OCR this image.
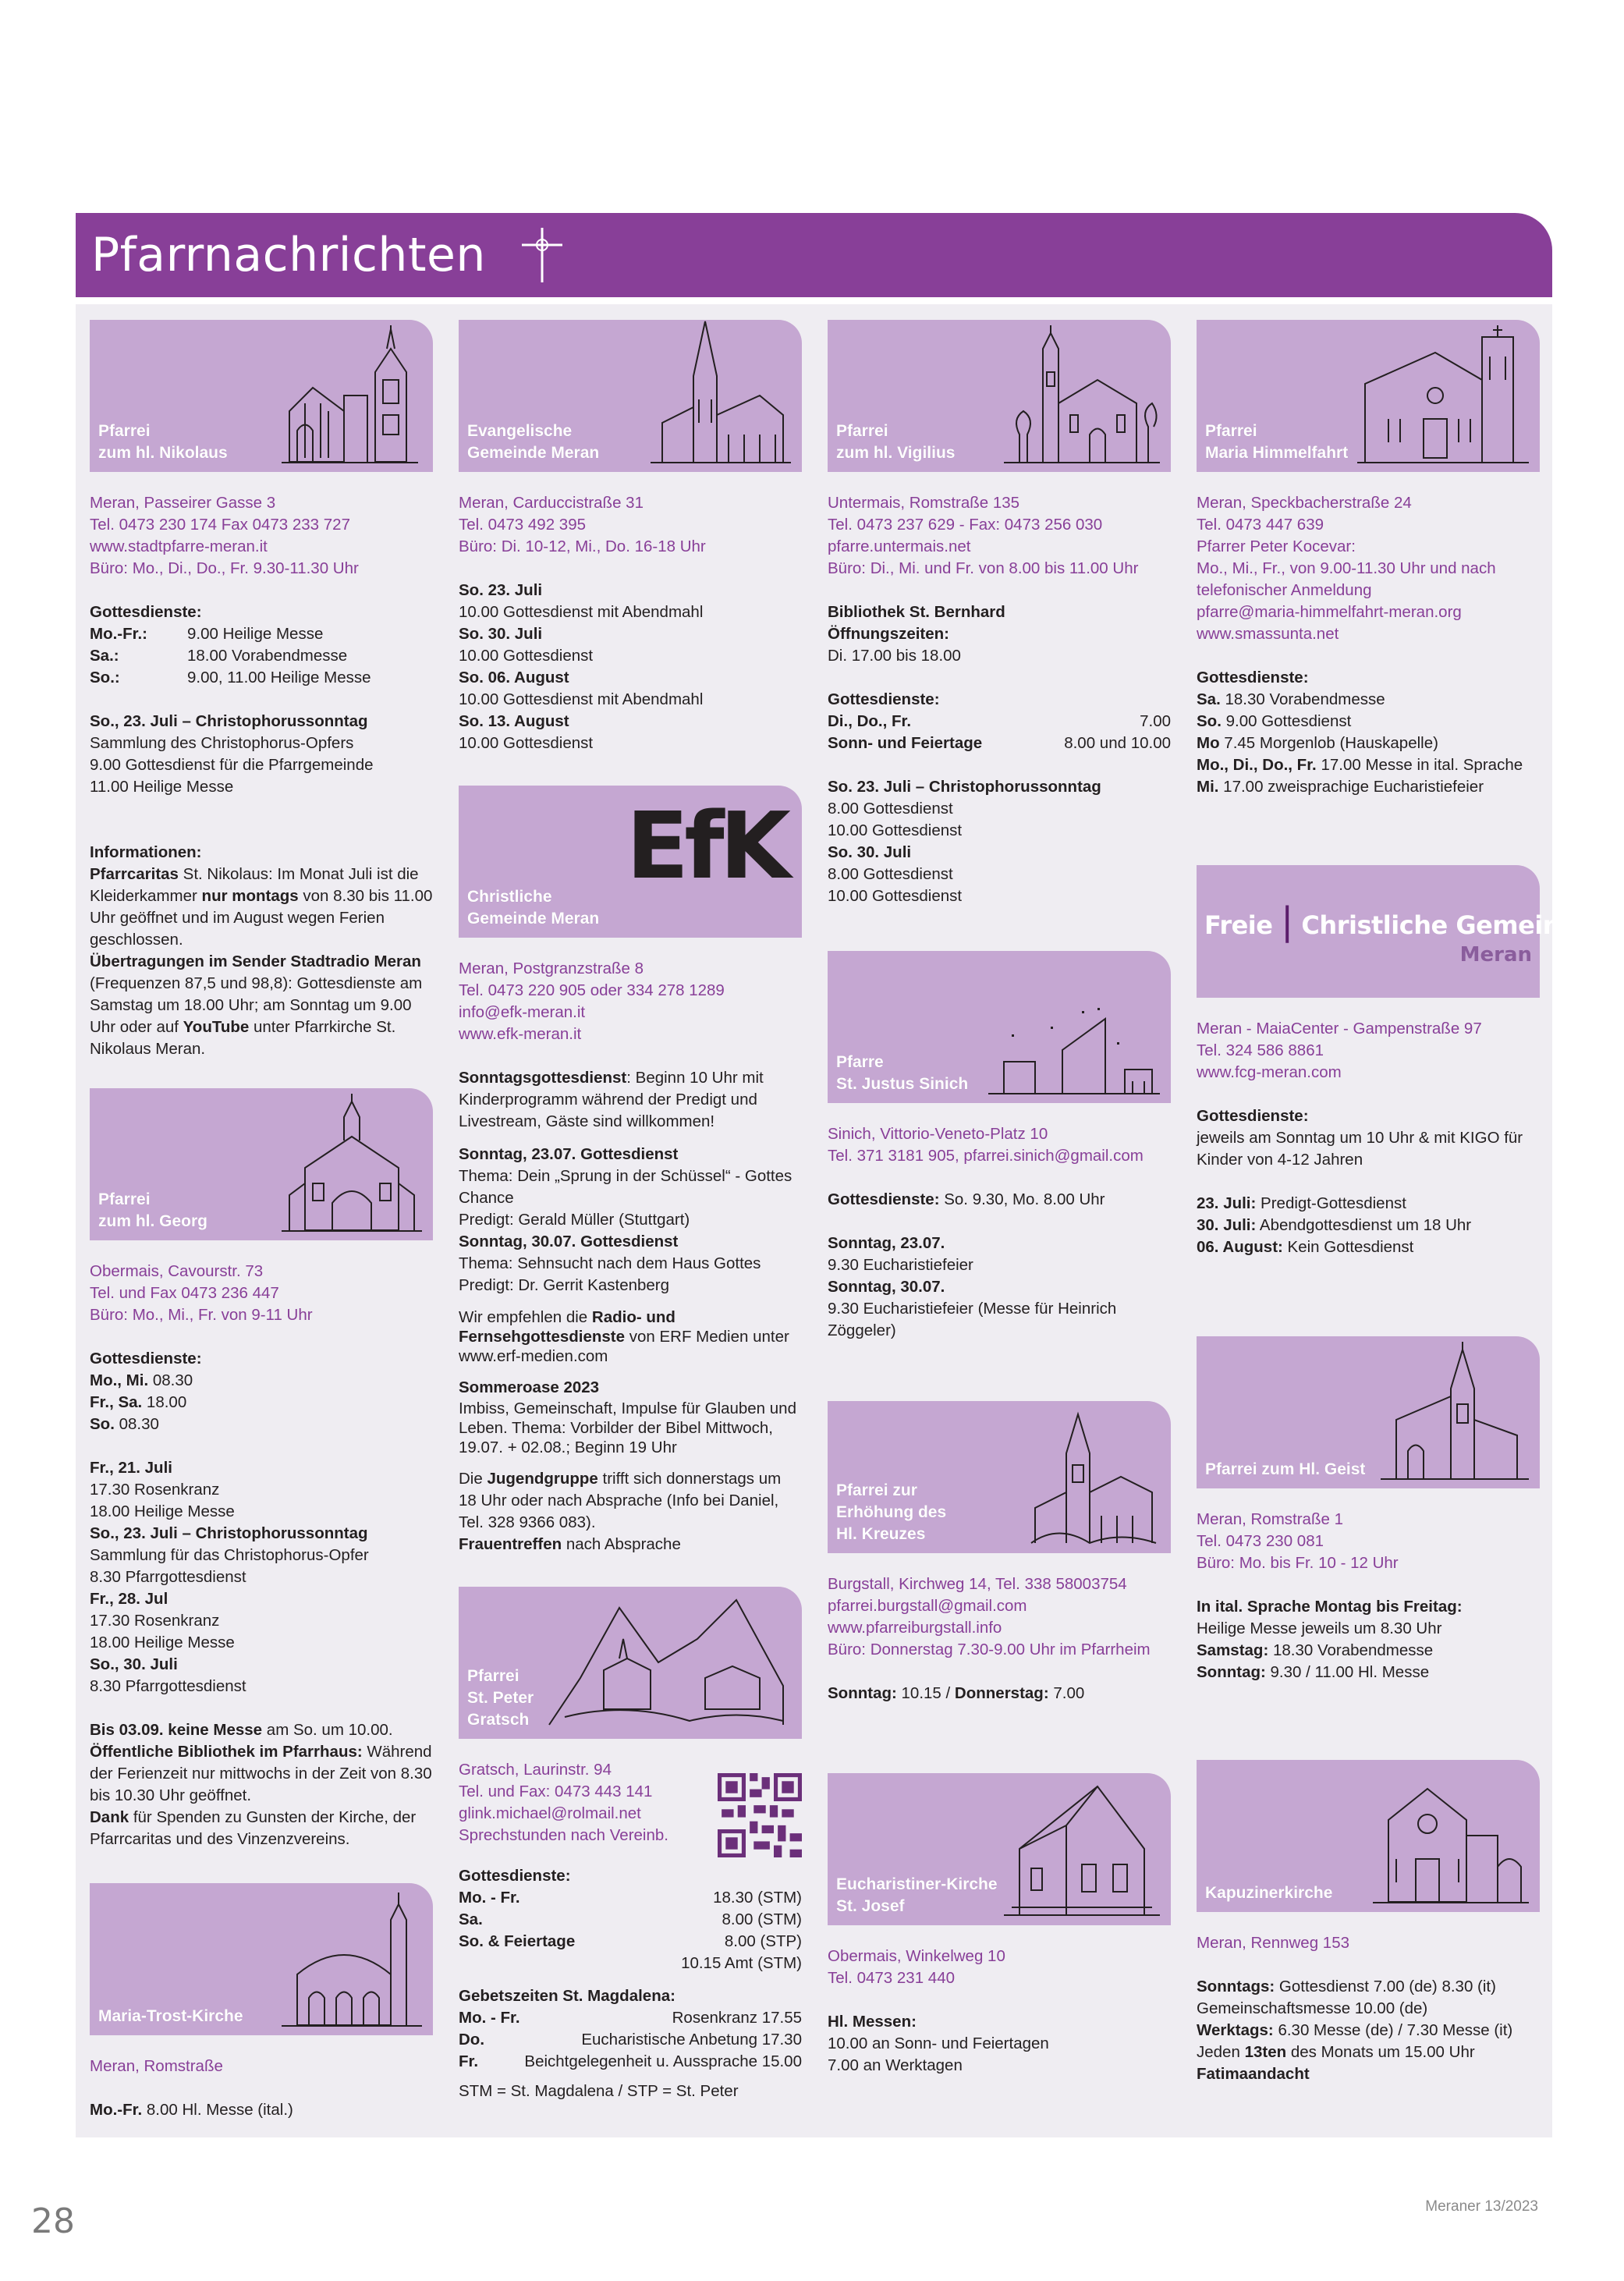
Pfarrnachrichten
Pfarrei
zum hl. Nikolaus
Meran, Passeirer Gasse 3
Tel. 0473 230 174 Fax 0473 233 727
www.stadtpfarre-meran.it
Büro: Mo., Di., Do., Fr. 9.30-11.30 Uhr
Gottesdienste:
Mo.-Fr.:	9.00 Heilige Messe
Sa.:	18.00 Vorabendmesse
So.:	9.00, 11.00 Heilige Messe
So., 23. Juli – Christophorussonntag
Sammlung des Christophorus-Opfers
9.00 Gottesdienst für die Pfarrgemeinde
11.00 Heilige Messe
Informationen:
Pfarrcaritas St. Nikolaus: Im Monat Juli ist die Kleiderkammer nur montags von 8.30 bis 11.00 Uhr geöffnet und im August wegen Ferien geschlossen.
Übertragungen im Sender Stadtradio Meran (Frequenzen 87,5 und 98,8): Gottesdienste am Samstag um 18.00 Uhr; am Sonntag um 9.00 Uhr oder auf YouTube unter Pfarrkirche St. Nikolaus Meran.
Pfarrei
zum hl. Georg
Obermais, Cavourstr. 73
Tel. und Fax 0473 236 447
Büro: Mo., Mi., Fr. von 9-11 Uhr
Gottesdienste:
Mo., Mi. 08.30
Fr., Sa. 18.00
So. 08.30
Fr., 21. Juli
17.30 Rosenkranz
18.00 Heilige Messe
So., 23. Juli – Christophorussonntag
Sammlung für das Christophorus-Opfer
8.30 Pfarrgottesdienst
Fr., 28. Jul
17.30 Rosenkranz
18.00 Heilige Messe
So., 30. Juli
8.30 Pfarrgottesdienst
Bis 03.09. keine Messe am So. um 10.00.
Öffentliche Bibliothek im Pfarrhaus: Während der Ferienzeit nur mittwochs in der Zeit von 8.30 bis 10.30 Uhr geöffnet.
Dank für Spenden zu Gunsten der Kirche, der Pfarrcaritas und des Vinzenzvereins.
Maria-Trost-Kirche
Meran, Romstraße
Mo.-Fr. 8.00 Hl. Messe (ital.)
Evangelische
Gemeinde Meran
Meran, Carduccistraße 31
Tel. 0473 492 395
Büro: Di. 10-12, Mi., Do. 16-18 Uhr
So. 23. Juli
10.00 Gottesdienst mit Abendmahl
So. 30. Juli
10.00 Gottesdienst
So. 06. August
10.00 Gottesdienst mit Abendmahl
So. 13. August
10.00 Gottesdienst
EfK
Christliche
Gemeinde Meran
Meran, Postgranzstraße 8
Tel. 0473 220 905 oder 334 278 1289
info@efk-meran.it
www.efk-meran.it
Sonntagsgottesdienst: Beginn 10 Uhr mit Kinderprogramm während der Predigt und Livestream, Gäste sind willkommen!
Sonntag, 23.07. Gottesdienst
Thema: Dein „Sprung in der Schüssel“ - Gottes Chance
Predigt: Gerald Müller (Stuttgart)
Sonntag, 30.07. Gottesdienst
Thema: Sehnsucht nach dem Haus Gottes
Predigt: Dr. Gerrit Kastenberg
Wir empfehlen die Radio- und Fernsehgottesdienste von ERF Medien unter www.erf-medien.com
Sommeroase 2023
Imbiss, Gemeinschaft, Impulse für Glauben und Leben. Thema: Vorbilder der Bibel Mittwoch, 19.07. + 02.08.; Beginn 19 Uhr
Die Jugendgruppe trifft sich donnerstags um 18 Uhr oder nach Absprache (Info bei Daniel, Tel. 328 9366 083).
Frauentreffen nach Absprache
Pfarrei
St. Peter
Gratsch
Gratsch, Laurinstr. 94
Tel. und Fax: 0473 443 141
glink.michael@rolmail.net
Sprechstunden nach Vereinb.
Gottesdienste:
Mo. - Fr.	18.30 (STM)
Sa.	8.00 (STM)
So. & Feiertage	8.00 (STP)
10.15 Amt (STM)
Gebetszeiten St. Magdalena:
Mo. - Fr.	Rosenkranz 17.55
Do.	Eucharistische Anbetung 17.30
Fr.	Beichtgelegenheit u. Aussprache 15.00
STM = St. Magdalena / STP = St. Peter
Pfarrei
zum hl. Vigilius
Untermais, Romstraße 135
Tel. 0473 237 629 - Fax: 0473 256 030
pfarre.untermais.net
Büro: Di., Mi. und Fr. von 8.00 bis 11.00 Uhr
Bibliothek St. Bernhard
Öffnungszeiten:
Di. 17.00 bis 18.00
Gottesdienste:
Di., Do., Fr.	7.00
Sonn- und Feiertage	8.00 und 10.00
So. 23. Juli – Christophorussonntag
8.00 Gottesdienst
10.00 Gottesdienst
So. 30. Juli
8.00 Gottesdienst
10.00 Gottesdienst
Pfarre
St. Justus Sinich
Sinich, Vittorio-Veneto-Platz 10
Tel. 371 3181 905, pfarrei.sinich@gmail.com
Gottesdienste: So. 9.30, Mo. 8.00 Uhr
Sonntag, 23.07.
9.30 Eucharistiefeier
Sonntag, 30.07.
9.30 Eucharistiefeier (Messe für Heinrich Zöggeler)
Pfarrei zur
Erhöhung des
Hl. Kreuzes
Burgstall, Kirchweg 14, Tel. 338 58003754
pfarrei.burgstall@gmail.com
www.pfarreiburgstall.info
Büro: Donnerstag 7.30-9.00 Uhr im Pfarrheim
Sonntag: 10.15 / Donnerstag: 7.00
Eucharistiner-Kirche
St. Josef
Obermais, Winkelweg 10
Tel. 0473 231 440
Hl. Messen:
10.00 an Sonn- und Feiertagen
7.00 an Werktagen
Pfarrei
Maria Himmelfahrt
Meran, Speckbacherstraße 24
Tel. 0473 447 639
Pfarrer Peter Kocevar:
Mo., Mi., Fr., von 9.00-11.30 Uhr und nach telefonischer Anmeldung
pfarre@maria-himmelfahrt-meran.org
www.smassunta.net
Gottesdienste:
Sa. 18.30 Vorabendmesse
So. 9.00 Gottesdienst
Mo 7.45 Morgenlob (Hauskapelle)
Mo., Di., Do., Fr. 17.00 Messe in ital. Sprache
Mi. 17.00 zweisprachige Eucharistiefeier
Freie | Christliche Gemeinde
Meran
Meran - MaiaCenter - Gampenstraße 97
Tel. 324 586 8861
www.fcg-meran.com
Gottesdienste:
jeweils am Sonntag um 10 Uhr & mit KIGO für Kinder von 4-12 Jahren
23. Juli: Predigt-Gottesdienst
30. Juli: Abendgottesdienst um 18 Uhr
06. August: Kein Gottesdienst
Pfarrei zum Hl. Geist
Meran, Romstraße 1
Tel. 0473 230 081
Büro: Mo. bis Fr. 10 - 12 Uhr
In ital. Sprache Montag bis Freitag:
Heilige Messe jeweils um 8.30 Uhr
Samstag: 18.30 Vorabendmesse
Sonntag: 9.30 / 11.00 Hl. Messe
Kapuzinerkirche
Meran, Rennweg 153
Sonntags: Gottesdienst 7.00 (de) 8.30 (it) Gemeinschaftsmesse 10.00 (de)
Werktags: 6.30 Messe (de) / 7.30 Messe (it)
Jeden 13ten des Monats um 15.00 Uhr
Fatimaandacht
28	Meraner 13/2023
